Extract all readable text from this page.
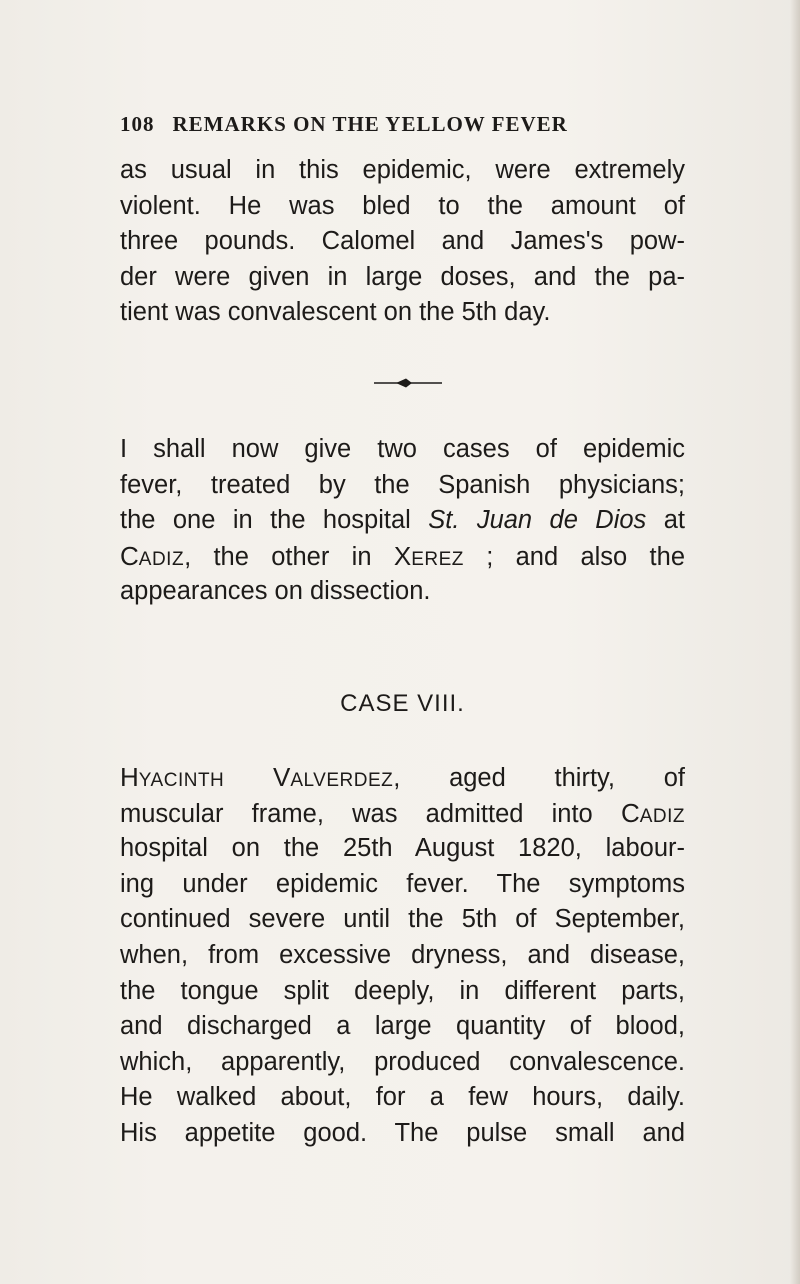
108 REMARKS ON THE YELLOW FEVER
as usual in this epidemic, were extremely
violent. He was bled to the amount of
three pounds. Calomel and James's pow-
der were given in large doses, and the pa-
tient was convalescent on the 5th day.
I shall now give two cases of epidemic
fever, treated by the Spanish physicians;
the one in the hospital St. Juan de Dios at
CADIZ, the other in XEREZ ; and also the
appearances on dissection.
CASE VIII.
HYACINTH VALVERDEZ, aged thirty, of
muscular frame, was admitted into CADIZ
hospital on the 25th August 1820, labour-
ing under epidemic fever. The symptoms
continued severe until the 5th of September,
when, from excessive dryness, and disease,
the tongue split deeply, in different parts,
and discharged a large quantity of blood,
which, apparently, produced convalescence.
He walked about, for a few hours, daily.
His appetite good. The pulse small and
